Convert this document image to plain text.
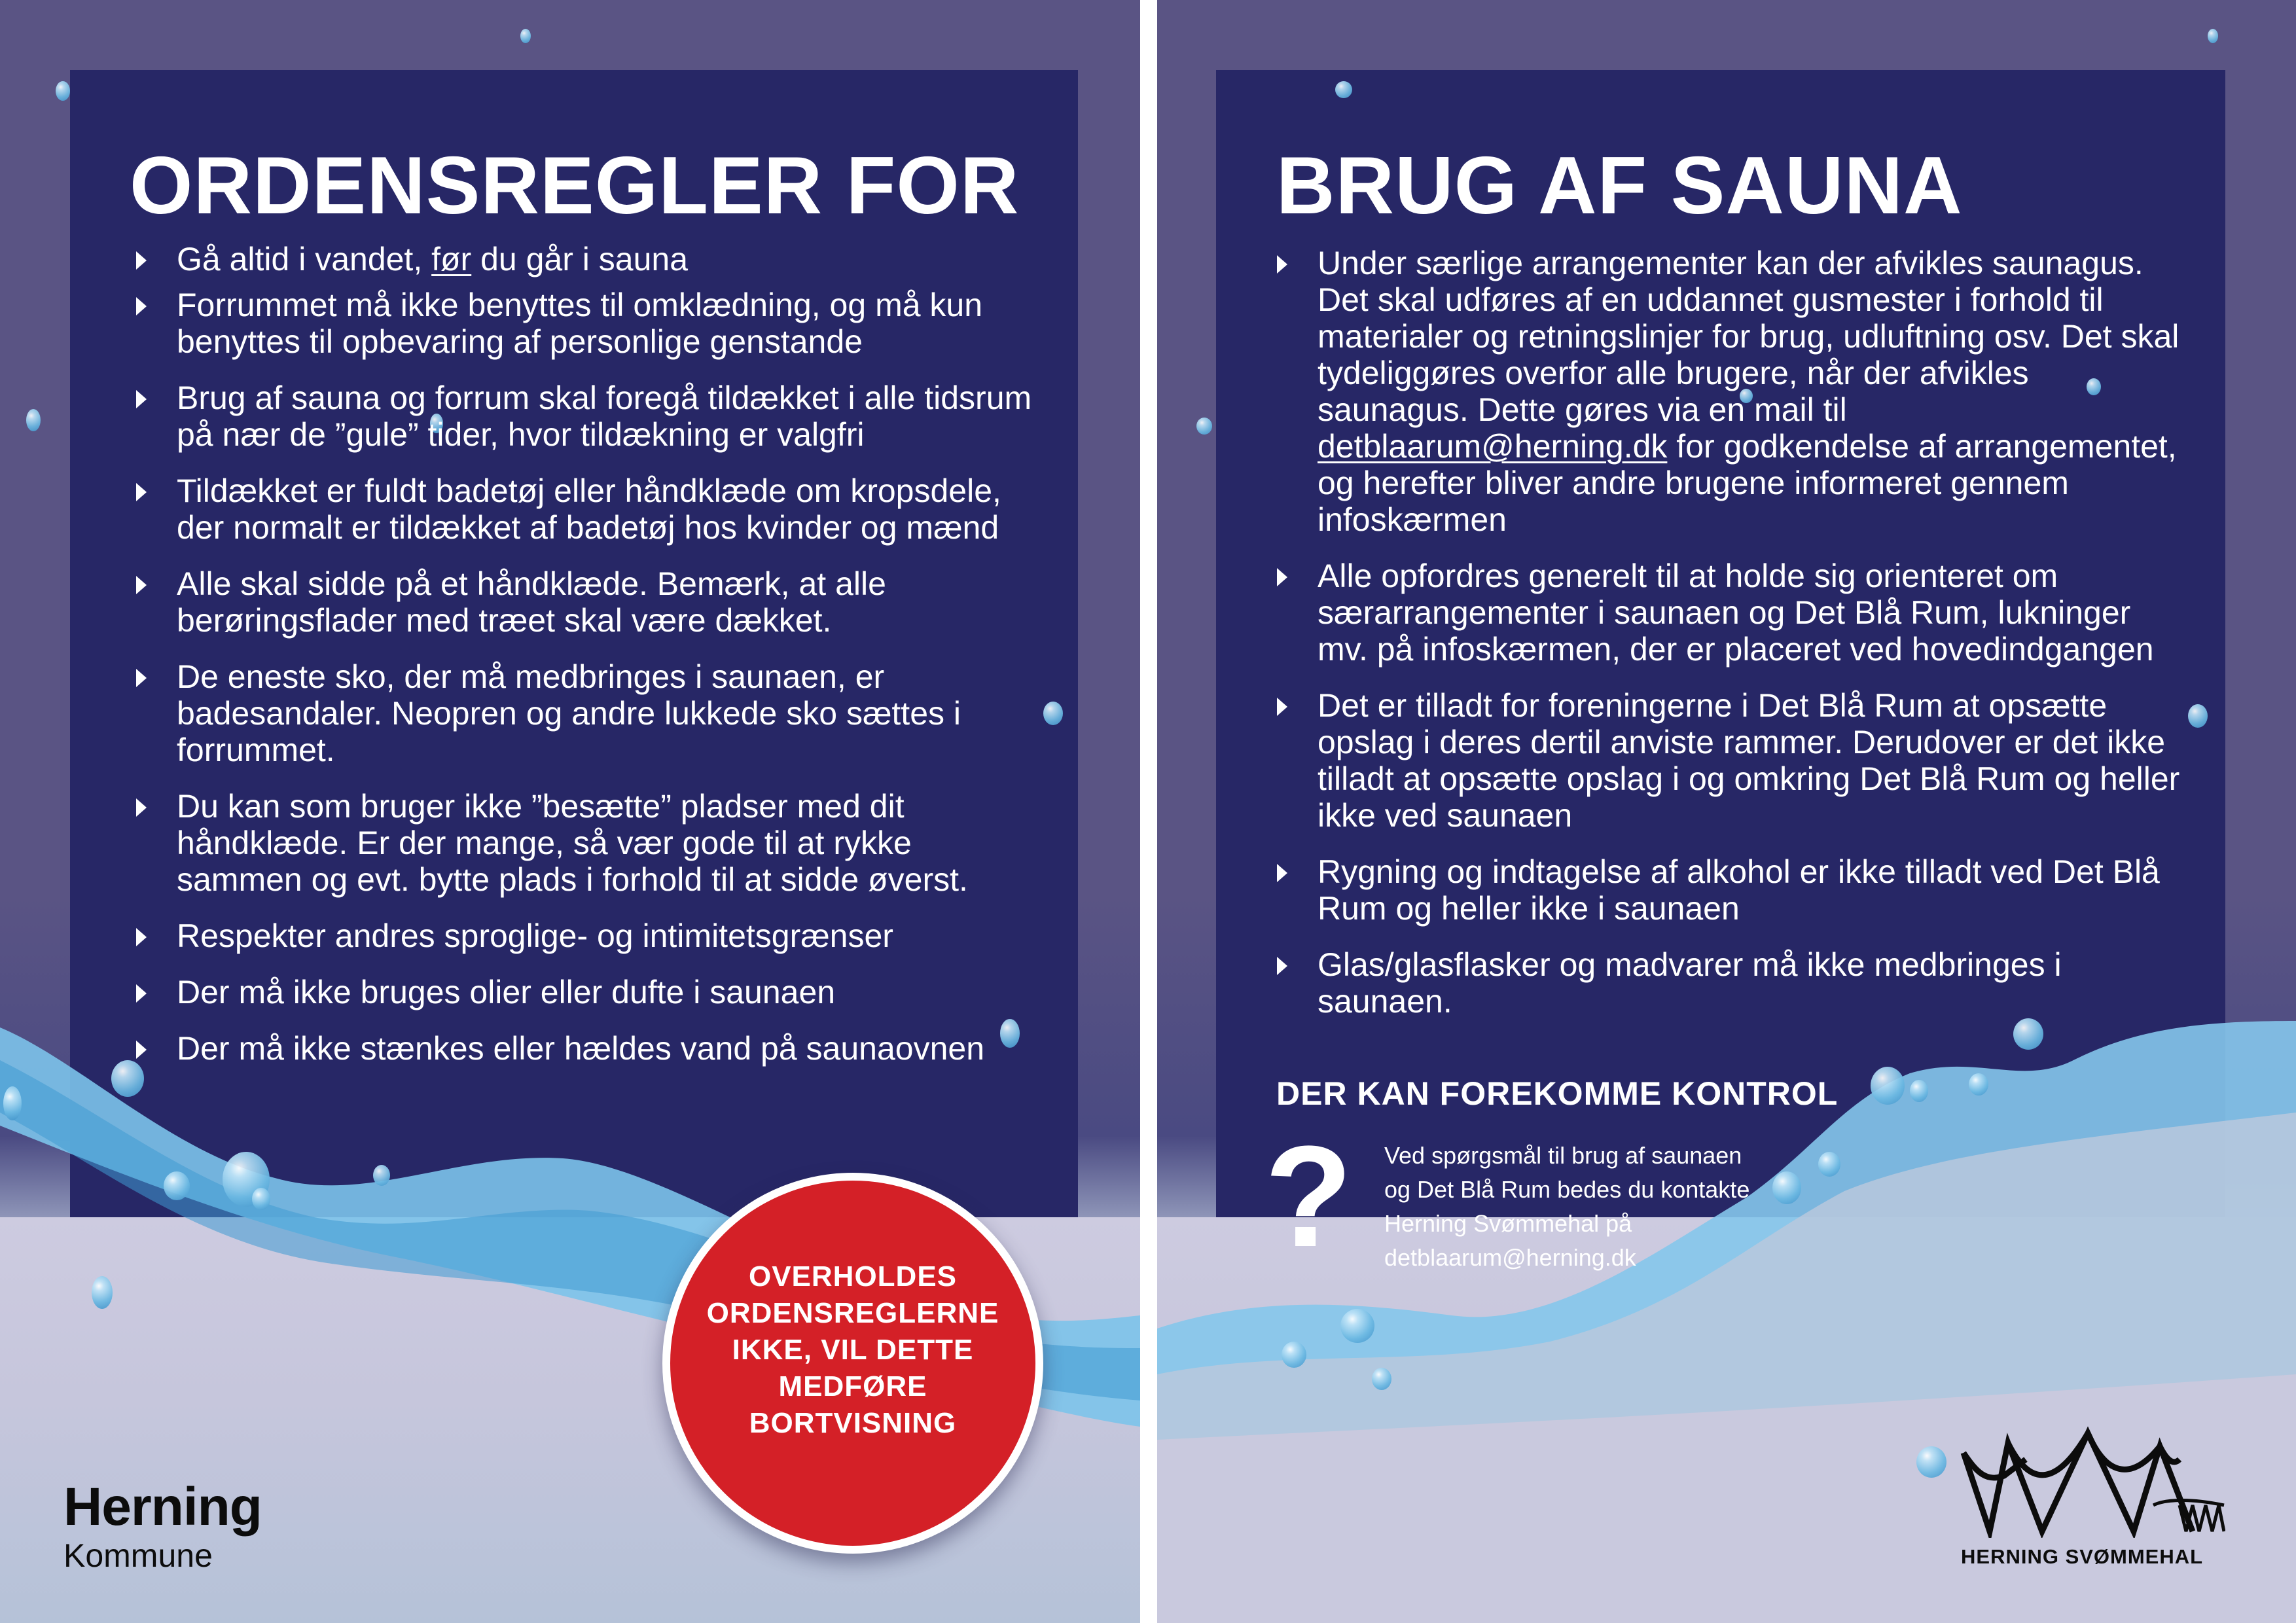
ORDENSREGLER FOR
Gå altid i vandet, før du går i sauna
Forrummet må ikke benyttes til omklædning, og må kun benyttes til opbevaring af personlige genstande
Brug af sauna og forrum skal foregå tildækket i alle tidsrum på nær de ”gule” tider, hvor tildækning er valgfri
Tildækket er fuldt badetøj eller håndklæde om kropsdele, der normalt er tildækket af badetøj hos kvinder og mænd
Alle skal sidde på et håndklæde. Bemærk, at alle berøringsflader med træet skal være dækket.
De eneste sko, der må medbringes i saunaen, er badesandaler. Neopren og andre lukkede sko sættes i forrummet.
Du kan som bruger ikke ”besætte” pladser med dit håndklæde. Er der mange, så vær gode til at rykke sammen og evt. bytte plads i forhold til at sidde øverst.
Respekter andres sproglige- og intimitetsgrænser
Der må ikke bruges olier eller dufte i saunaen
Der må ikke stænkes eller hældes vand på saunaovnen
OVERHOLDES
ORDENSREGLERNE
IKKE, VIL DETTE
MEDFØRE
BORTVISNING
Herning
Kommune
BRUG AF SAUNA
Under særlige arrangementer kan der afvikles saunagus. Det skal udføres af en uddannet gusmester i forhold til materialer og retningslinjer for brug, udluftning osv. Det skal tydeliggøres overfor alle brugere, når der afvikles saunagus. Dette gøres via en mail til detblaarum@herning.dk for godkendelse af arrangementet, og herefter bliver andre brugene informeret gennem infoskærmen
Alle opfordres generelt til at holde sig orienteret om særarrangementer i saunaen og Det Blå Rum, lukninger mv. på infoskærmen, der er placeret ved hovedindgangen
Det er tilladt for foreningerne i Det Blå Rum at opsætte opslag i deres dertil anviste rammer. Derudover er det ikke tilladt at opsætte opslag i og omkring Det Blå Rum og heller ikke ved saunaen
Rygning og indtagelse af alkohol er ikke tilladt ved Det Blå Rum og heller ikke i saunaen
Glas/glasflasker og madvarer må ikke medbringes i saunaen.
DER KAN FOREKOMME KONTROL
? Ved spørgsmål til brug af saunaen
og Det Blå Rum bedes du kontakte
Herning Svømmehal på
detblaarum@herning.dk
HERNING SVØMMEHAL
